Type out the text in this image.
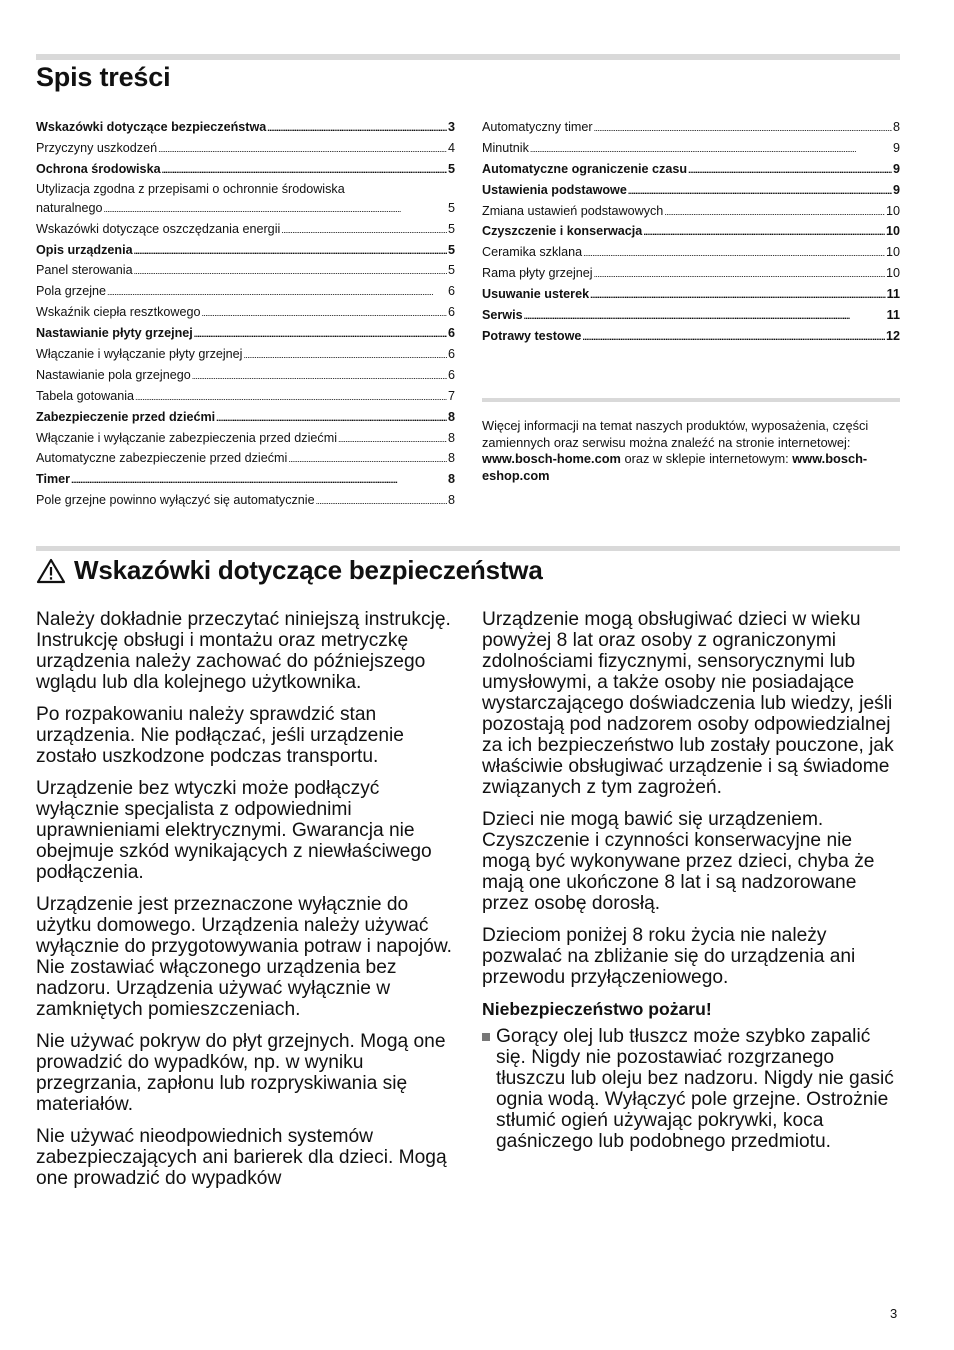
Spis treści
Wskazówki dotyczące bezpieczeństwa . . .	3
Przyczyny uszkodzeń . . .	4
Ochrona środowiska . . .	5
Utylizacja zgodna z przepisami o ochronnie środowiska
naturalnego . . .	5
Wskazówki dotyczące oszczędzania energii . . .	5
Opis urządzenia . . .	5
Panel sterowania . . .	5
Pola grzejne . . .	6
Wskaźnik ciepła resztkowego . . .	6
Nastawianie płyty grzejnej . . .	6
Włączanie i wyłączanie płyty grzejnej . . .	6
Nastawianie pola grzejnego . . .	6
Tabela gotowania . . .	7
Zabezpieczenie przed dziećmi . . .	8
Włączanie i wyłączanie zabezpieczenia przed dziećmi . . .	8
Automatyczne zabezpieczenie przed dziećmi . . .	8
Timer . . .	8
Pole grzejne powinno wyłączyć się automatycznie . . .	8
Automatyczny timer . . .	8
Minutnik . . .	9
Automatyczne ograniczenie czasu . . .	9
Ustawienia podstawowe . . .	9
Zmiana ustawień podstawowych . . .	10
Czyszczenie i konserwacja . . .	10
Ceramika szklana . . .	10
Rama płyty grzejnej . . .	10
Usuwanie usterek . . .	11
Serwis . . .	11
Potrawy testowe . . .	12
Więcej informacji na temat naszych produktów, wyposażenia, części zamiennych oraz serwisu można znaleźć na stronie internetowej: www.bosch-home.com oraz w sklepie internetowym: www.bosch-eshop.com
Wskazówki dotyczące bezpieczeństwa

Należy dokładnie przeczytać niniejszą instrukcję. Instrukcję obsługi i montażu oraz metryczkę urządzenia należy zachować do późniejszego wglądu lub dla kolejnego użytkownika.

Po rozpakowaniu należy sprawdzić stan urządzenia. Nie podłączać, jeśli urządzenie zostało uszkodzone podczas transportu.

Urządzenie bez wtyczki może podłączyć wyłącznie specjalista z odpowiednimi uprawnieniami elektrycznymi. Gwarancja nie obejmuje szkód wynikających z niewłaściwego podłączenia.

Urządzenie jest przeznaczone wyłącznie do użytku domowego. Urządzenia należy używać wyłącznie do przygotowywania potraw i napojów. Nie zostawiać włączonego urządzenia bez nadzoru. Urządzenia używać wyłącznie w zamkniętych pomieszczeniach.

Nie używać pokryw do płyt grzejnych. Mogą one prowadzić do wypadków, np. w wyniku przegrzania, zapłonu lub rozpryskiwania się materiałów.

Nie używać nieodpowiednich systemów zabezpieczających ani barierek dla dzieci. Mogą one prowadzić do wypadków

Urządzenie mogą obsługiwać dzieci w wieku powyżej 8 lat oraz osoby z ograniczonymi zdolnościami fizycznymi, sensorycznymi lub umysłowymi, a także osoby nie posiadające wystarczającego doświadczenia lub wiedzy, jeśli pozostają pod nadzorem osoby odpowiedzialnej za ich bezpieczeństwo lub zostały pouczone, jak właściwie obsługiwać urządzenie i są świadome związanych z tym zagrożeń.

Dzieci nie mogą bawić się urządzeniem. Czyszczenie i czynności konserwacyjne nie mogą być wykonywane przez dzieci, chyba że mają one ukończone 8 lat i są nadzorowane przez osobę dorosłą.

Dzieciom poniżej 8 roku życia nie należy pozwalać na zbliżanie się do urządzenia ani przewodu przyłączeniowego.

Niebezpieczeństwo pożaru!
Gorący olej lub tłuszcz może szybko zapalić się. Nigdy nie pozostawiać rozgrzanego tłuszczu lub oleju bez nadzoru. Nigdy nie gasić ognia wodą. Wyłączyć pole grzejne. Ostrożnie stłumić ogień używając pokrywki, koca gaśniczego lub podobnego przedmiotu.
3
